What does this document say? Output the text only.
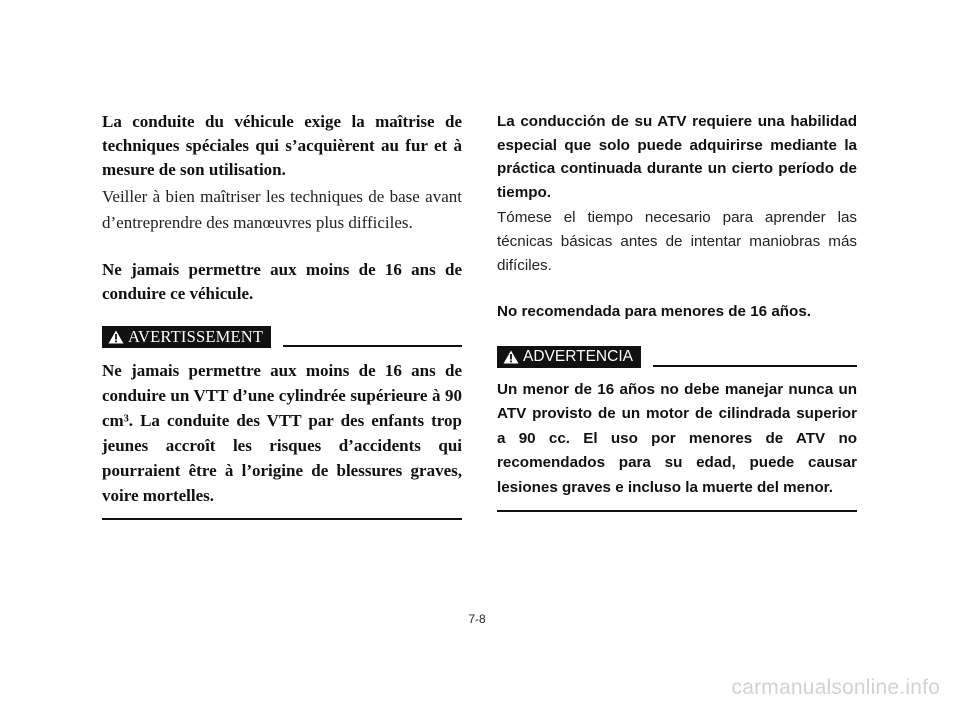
La conduite du véhicule exige la maîtrise de techniques spéciales qui s’acquièrent au fur et à mesure de son utilisation.

Veiller à bien maîtriser les techniques de base avant d’entreprendre des manœuvres plus difficiles.

Ne jamais permettre aux moins de 16 ans de conduire ce véhicule.

AVERTISSEMENT

Ne jamais permettre aux moins de 16 ans de conduire un VTT d’une cylindrée supérieure à 90 cm³. La conduite des VTT par des enfants trop jeunes accroît les risques d’accidents qui pourraient être à l’origine de blessures graves, voire mortelles.

La conducción de su ATV requiere una habilidad especial que solo puede adquirirse mediante la práctica continuada durante un cierto período de tiempo.

Tómese el tiempo necesario para aprender las técnicas básicas antes de intentar maniobras más difíciles.

No recomendada para menores de 16 años.

ADVERTENCIA

Un menor de 16 años no debe manejar nunca un ATV provisto de un motor de cilindrada superior a 90 cc. El uso por menores de ATV no recomendados para su edad, puede causar lesiones graves e incluso la muerte del menor.

7-8
carmanualsonline.info
